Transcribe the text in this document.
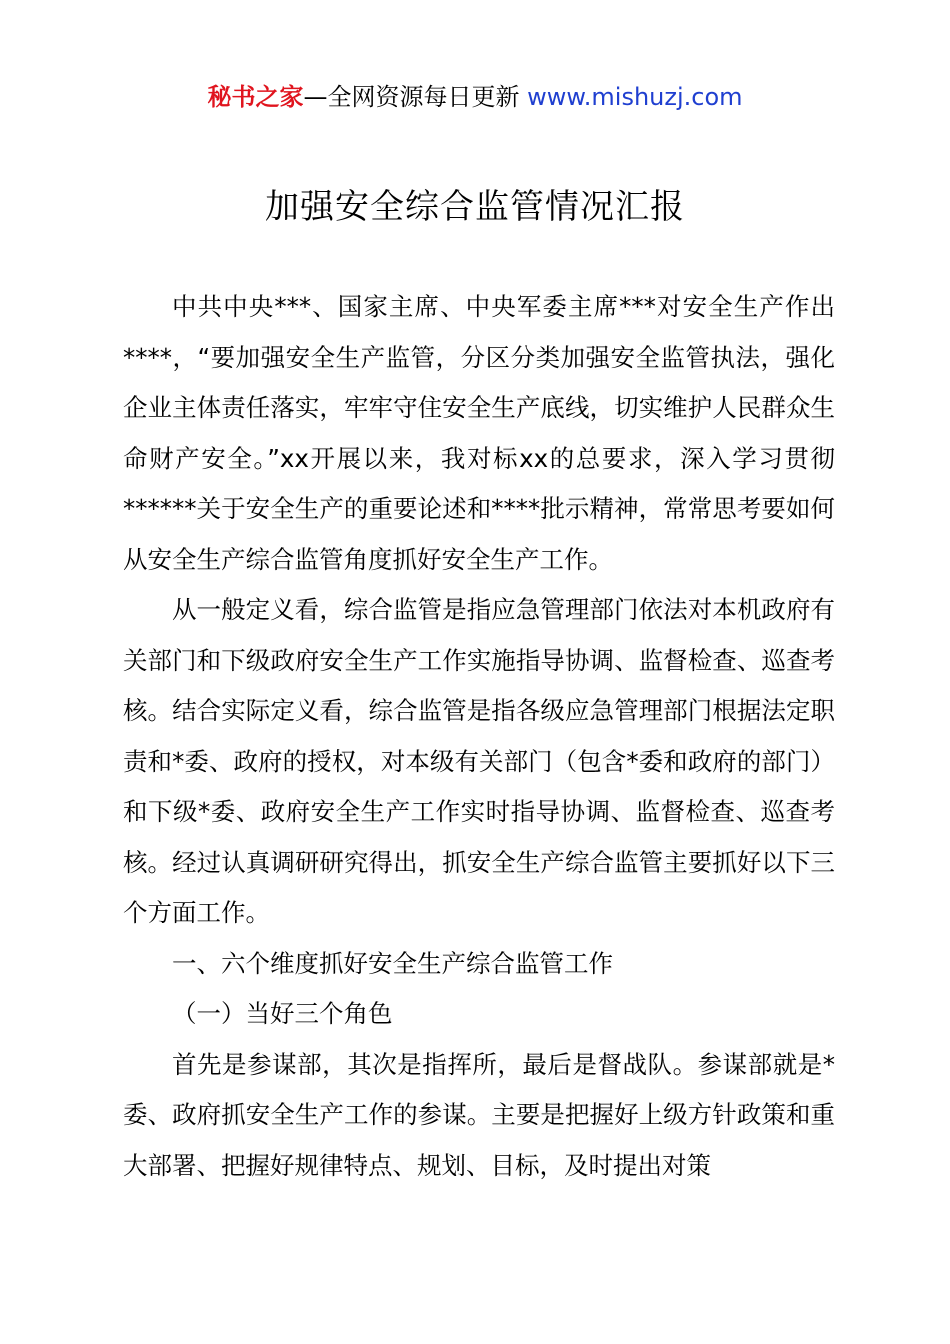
秘书之家—全网资源每日更新 www.mishuzj.com
加强安全综合监管情况汇报

中共中央***、国家主席、中央军委主席***对安全生产作出****，“要加强安全生产监管，分区分类加强安全监管执法，强化企业主体责任落实，牢牢守住安全生产底线，切实维护人民群众生命财产安全。”xx开展以来，我对标xx的总要求，深入学习贯彻******关于安全生产的重要论述和****批示精神，常常思考要如何从安全生产综合监管角度抓好安全生产工作。

从一般定义看，综合监管是指应急管理部门依法对本机政府有关部门和下级政府安全生产工作实施指导协调、监督检查、巡查考核。结合实际定义看，综合监管是指各级应急管理部门根据法定职责和*委、政府的授权，对本级有关部门（包含*委和政府的部门）和下级*委、政府安全生产工作实时指导协调、监督检查、巡查考核。经过认真调研研究得出，抓安全生产综合监管主要抓好以下三个方面工作。

一、六个维度抓好安全生产综合监管工作

（一）当好三个角色

首先是参谋部，其次是指挥所，最后是督战队。参谋部就是*委、政府抓安全生产工作的参谋。主要是把握好上级方针政策和重大部署、把握好规律特点、规划、目标，及时提出对策
